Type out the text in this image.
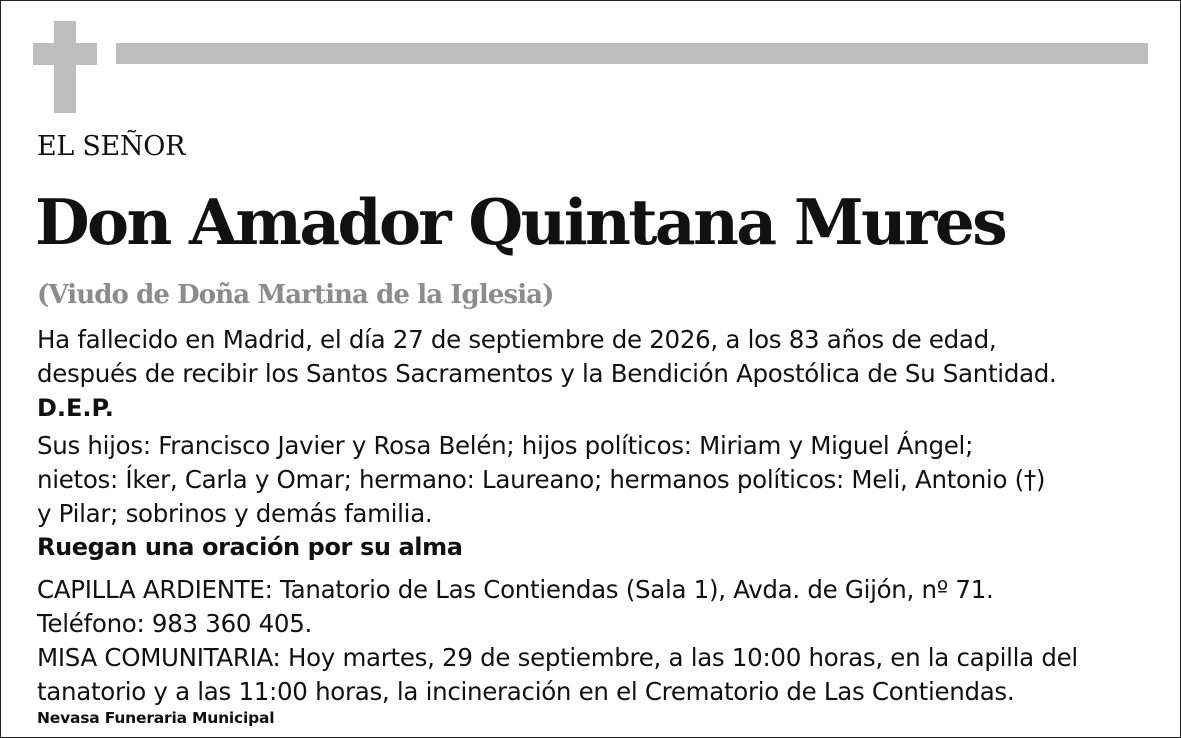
EL SEÑOR
Don Amador Quintana Mures
(Viudo de Doña Martina de la Iglesia)
Ha fallecido en Madrid, el día 27 de septiembre de 2026, a los 83 años de edad,
después de recibir los Santos Sacramentos y la Bendición Apostólica de Su Santidad.
D.E.P.
Sus hijos: Francisco Javier y Rosa Belén; hijos políticos: Miriam y Miguel Ángel;
nietos: Íker, Carla y Omar; hermano: Laureano; hermanos políticos: Meli, Antonio (†)
y Pilar; sobrinos y demás familia.
Ruegan una oración por su alma
CAPILLA ARDIENTE: Tanatorio de Las Contiendas (Sala 1), Avda. de Gijón, nº 71.
Teléfono: 983 360 405.
MISA COMUNITARIA: Hoy martes, 29 de septiembre, a las 10:00 horas, en la capilla del
tanatorio y a las 11:00 horas, la incineración en el Crematorio de Las Contiendas.
Nevasa Funeraria Municipal
